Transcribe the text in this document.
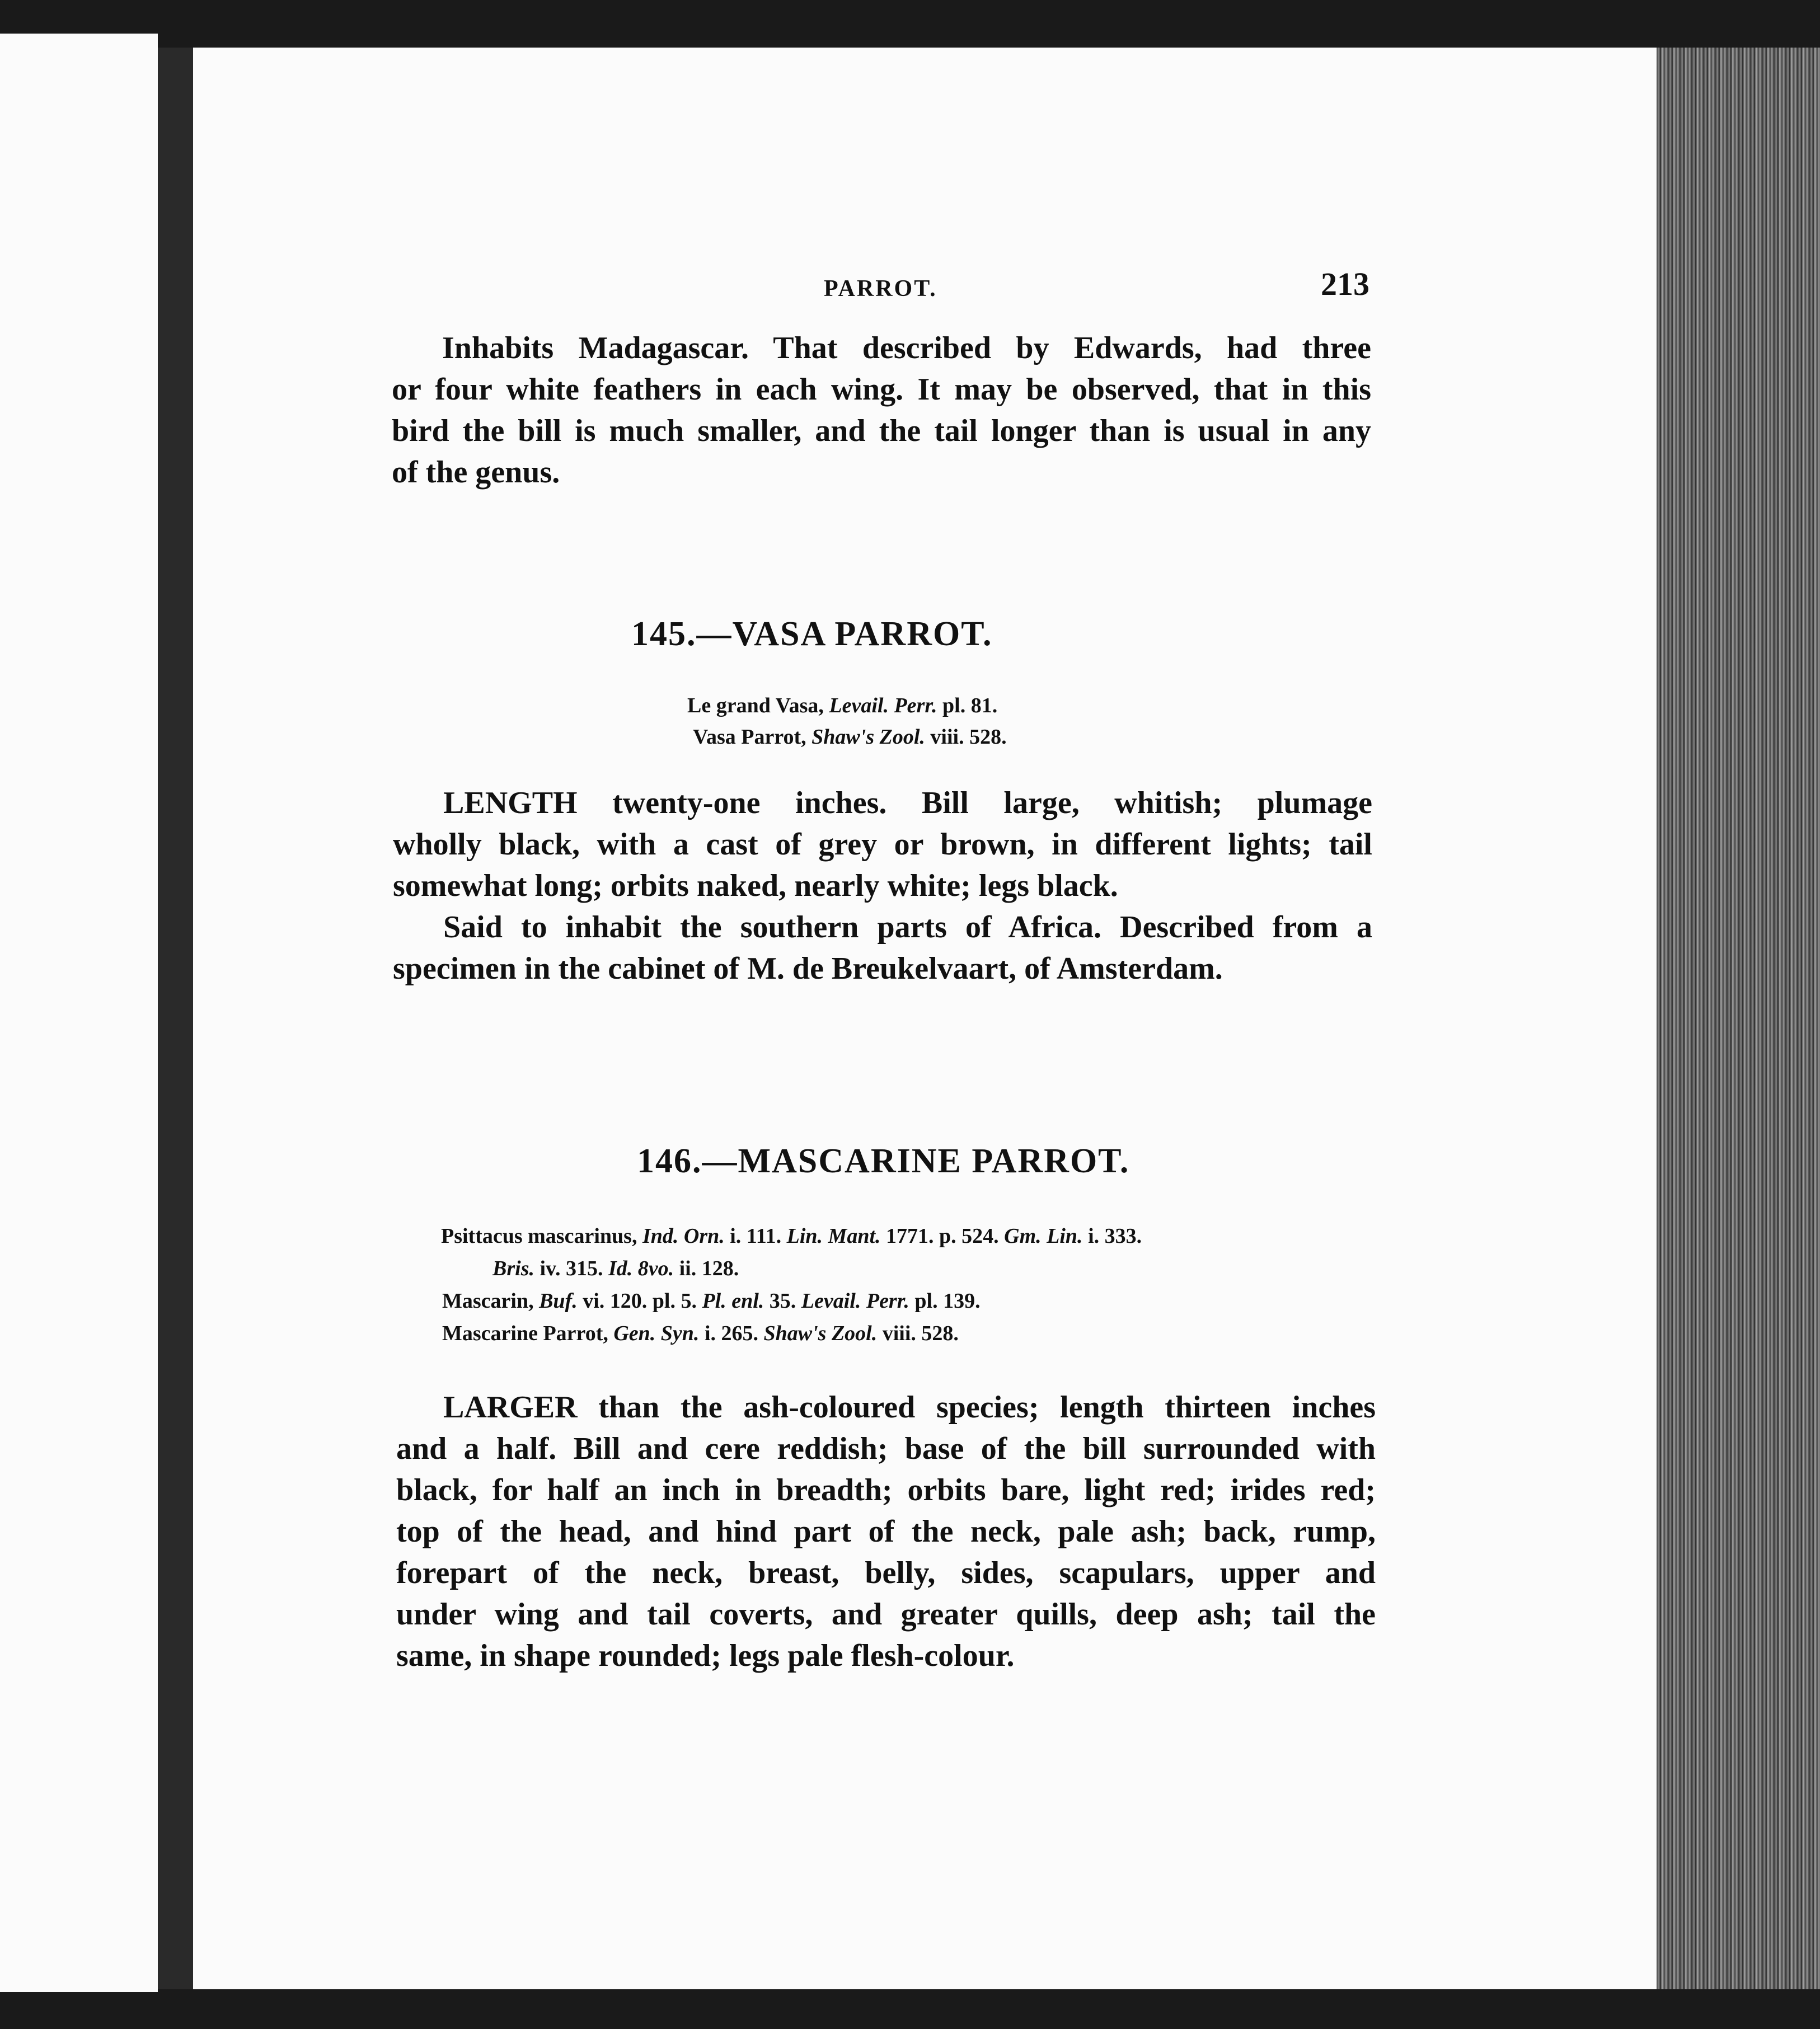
PARROT.	213
Inhabits Madagascar. That described by Edwards, had three
or four white feathers in each wing. It may be observed, that in this
bird the bill is much smaller, and the tail longer than is usual in any
of the genus.
145.—VASA PARROT.
Le grand Vasa, Levail. Perr. pl. 81.
Vasa Parrot, Shaw's Zool. viii. 528.
LENGTH twenty-one inches. Bill large, whitish; plumage
wholly black, with a cast of grey or brown, in different lights; tail
somewhat long; orbits naked, nearly white; legs black.
Said to inhabit the southern parts of Africa. Described from a
specimen in the cabinet of M. de Breukelvaart, of Amsterdam.
146.—MASCARINE PARROT.
Psittacus mascarinus, Ind. Orn. i. 111. Lin. Mant. 1771. p. 524. Gm. Lin. i. 333.
Bris. iv. 315. Id. 8vo. ii. 128.
Mascarin, Buf. vi. 120. pl. 5. Pl. enl. 35. Levail. Perr. pl. 139.
Mascarine Parrot, Gen. Syn. i. 265. Shaw's Zool. viii. 528.
LARGER than the ash-coloured species; length thirteen inches
and a half. Bill and cere reddish; base of the bill surrounded with
black, for half an inch in breadth; orbits bare, light red; irides red;
top of the head, and hind part of the neck, pale ash; back, rump,
forepart of the neck, breast, belly, sides, scapulars, upper and
under wing and tail coverts, and greater quills, deep ash; tail the
same, in shape rounded; legs pale flesh-colour.
